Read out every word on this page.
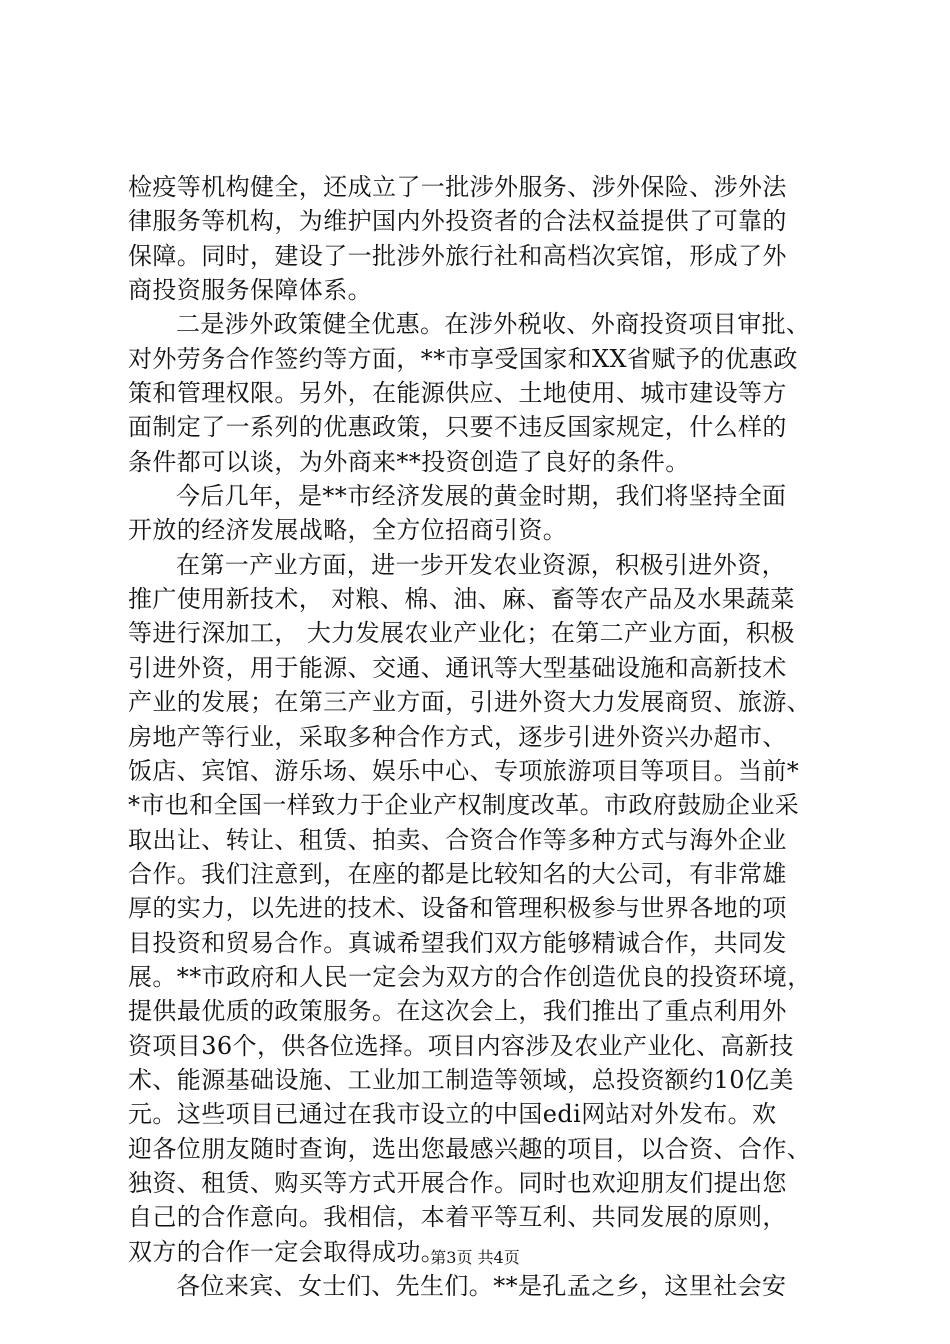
检疫等机构健全，还成立了一批涉外服务、涉外保险、涉外法
律服务等机构，为维护国内外投资者的合法权益提供了可靠的
保障。同时，建设了一批涉外旅行社和高档次宾馆，形成了外
商投资服务保障体系。
二是涉外政策健全优惠。在涉外税收、外商投资项目审批、
对外劳务合作签约等方面，**市享受国家和XX省赋予的优惠政
策和管理权限。另外，在能源供应、土地使用、城市建设等方
面制定了一系列的优惠政策，只要不违反国家规定，什么样的
条件都可以谈，为外商来**投资创造了良好的条件。
今后几年，是**市经济发展的黄金时期，我们将坚持全面
开放的经济发展战略，全方位招商引资。
在第一产业方面，进一步开发农业资源，积极引进外资，
推广使用新技术， 对粮、棉、油、麻、畜等农产品及水果蔬菜
等进行深加工， 大力发展农业产业化；在第二产业方面，积极
引进外资，用于能源、交通、通讯等大型基础设施和高新技术
产业的发展；在第三产业方面，引进外资大力发展商贸、旅游、
房地产等行业，采取多种合作方式，逐步引进外资兴办超市、
饭店、宾馆、游乐场、娱乐中心、专项旅游项目等项目。当前*
*市也和全国一样致力于企业产权制度改革。市政府鼓励企业采
取出让、转让、租赁、拍卖、合资合作等多种方式与海外企业
合作。我们注意到，在座的都是比较知名的大公司，有非常雄
厚的实力，以先进的技术、设备和管理积极参与世界各地的项
目投资和贸易合作。真诚希望我们双方能够精诚合作，共同发
展。**市政府和人民一定会为双方的合作创造优良的投资环境，
提供最优质的政策服务。在这次会上，我们推出了重点利用外
资项目36个，供各位选择。项目内容涉及农业产业化、高新技
术、能源基础设施、工业加工制造等领域，总投资额约10亿美
元。这些项目已通过在我市设立的中国edi网站对外发布。欢
迎各位朋友随时查询，选出您最感兴趣的项目，以合资、合作、
独资、租赁、购买等方式开展合作。同时也欢迎朋友们提出您
自己的合作意向。我相信，本着平等互利、共同发展的原则，
双方的合作一定会取得成功。
各位来宾、女士们、先生们。**是孔孟之乡，这里社会安
第3页 共4页
